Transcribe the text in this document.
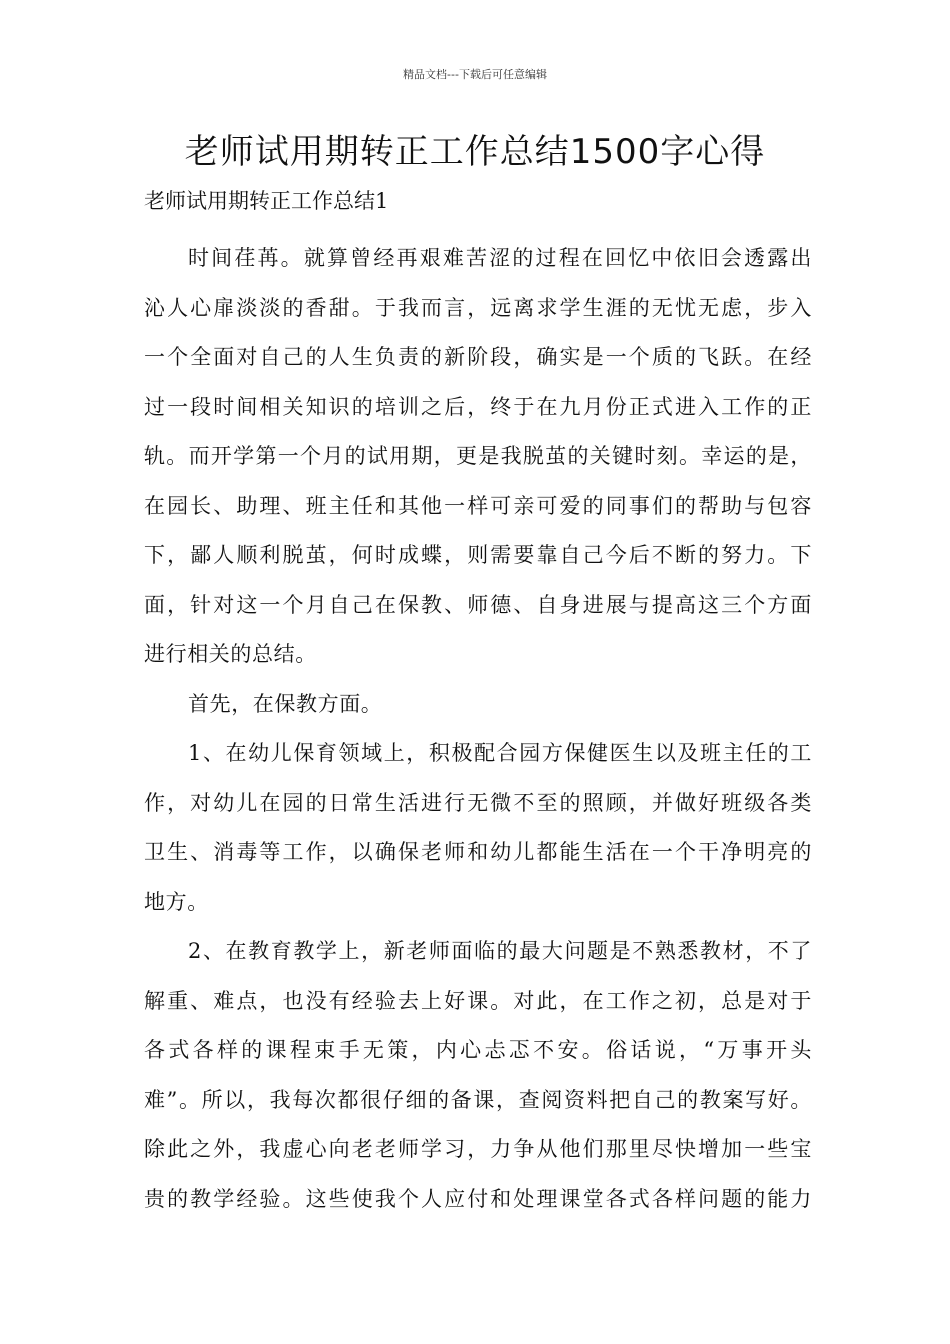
精品文档---下载后可任意编辑
老师试用期转正工作总结1500字心得
老师试用期转正工作总结1
时间荏苒。就算曾经再艰难苦涩的过程在回忆中依旧会透露出
沁人心扉淡淡的香甜。于我而言，远离求学生涯的无忧无虑，步入
一个全面对自己的人生负责的新阶段，确实是一个质的飞跃。在经
过一段时间相关知识的培训之后，终于在九月份正式进入工作的正
轨。而开学第一个月的试用期，更是我脱茧的关键时刻。幸运的是，
在园长、助理、班主任和其他一样可亲可爱的同事们的帮助与包容
下，鄙人顺利脱茧，何时成蝶，则需要靠自己今后不断的努力。下
面，针对这一个月自己在保教、师德、自身进展与提高这三个方面
进行相关的总结。
首先，在保教方面。
1、在幼儿保育领域上，积极配合园方保健医生以及班主任的工
作，对幼儿在园的日常生活进行无微不至的照顾，并做好班级各类
卫生、消毒等工作，以确保老师和幼儿都能生活在一个干净明亮的
地方。
2、在教育教学上，新老师面临的最大问题是不熟悉教材，不了
解重、难点，也没有经验去上好课。对此，在工作之初，总是对于
各式各样的课程束手无策，内心忐忑不安。俗话说，“万事开头
难”。所以，我每次都很仔细的备课，查阅资料把自己的教案写好。
除此之外，我虚心向老老师学习，力争从他们那里尽快增加一些宝
贵的教学经验。这些使我个人应付和处理课堂各式各样问题的能力
